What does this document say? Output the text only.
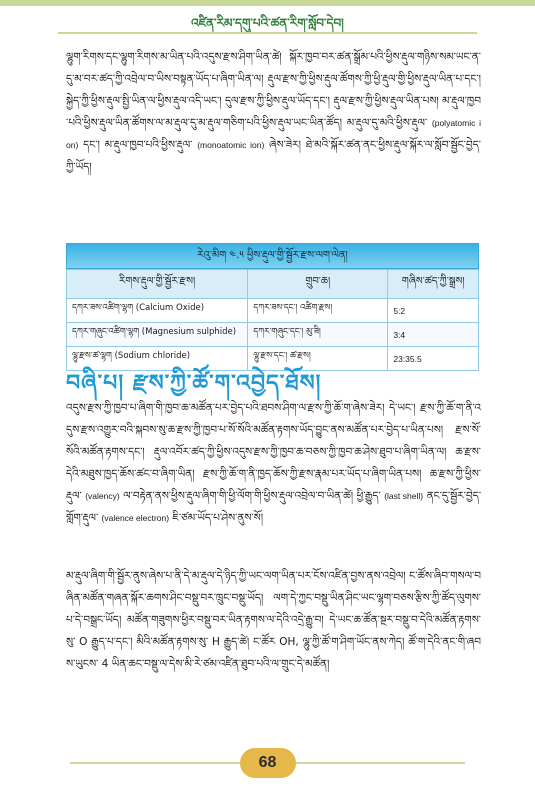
འཛིན་རིམ་དགུ་པའི་ཚན་རིག་སློབ་དེབ།
ལྷུག་རིགས་དང་ལྷུག་རིགས་མ་ཡིན་པའི་འདུས་རྫས་ཤིག་ཡིན་ཚེ། སྐོར་ཁྱབ་བར་ཚན་སྒྲོམ་པའི་ཕྱིས་རྡུལ་གཉིས་སམ་ཡང་ན་དུ་མ་བར་ཚད་ཀྱི་འབྲེལ་བ་ཡིས་བསྟན་ཡོད་པ་ཞིག་ཡིན་ལ། རྡུལ་རྫས་ཀྱི་ཕྱིས་རྡུལ་ཚོགས་ཀྱི་ཕྱི་རྡུལ་གྱི་ཕྱིས་རྡུལ་ཡིན་པ་དང་། སྐྱེད་ཀྱི་ཕྱིས་རྡུལ་སྤྱི་ཡིན་ལ་ཕྱིས་རྡུལ་འདི་ཡང་། དུལ་རྫས་ཀྱི་ཕྱིས་རྡུལ་ཡོད་དང་། རྡུལ་རྫས་ཀྱི་ཕྱིས་རྡུལ་ཡིན་པས། མ་རྡུལ་ཁྱབ་པའི་ཕྱིས་རྡུལ་ཡིན་ཚོགས་ལ་མ་རྡུལ་དུ་མ་རྡུལ་གཅིག་པའི་ཕྱིས་རྡུལ་ཡང་ཡིན་ཚོད། མ་རྡུལ་དུ་མའི་ཕྱིས་རྡུལ་ (polyatomic ion) དང་། མ་རྡུལ་ཁྱབ་པའི་ཕྱིས་རྡུལ་ (monoatomic ion) ཞེས་ཟེར། ཐེ་མའི་སྐོར་ཚན་ནང་ཕྱིས་རྡུལ་སྐོར་ལ་སློབ་སྦྱོང་བྱེད་ཀྱི་ཡོད།
རེའུ་མིག ༤.༥ ཕྱིས་རྡུལ་གྱི་སྦྱོར་རྫས་ལག་ལེན།
རིགས་རྡུལ་གྱི་སྦྱོར་རྫས།	གྲུབ་ཆ།	གཞིས་ཚད་ཀྱི་སྒྲས།
དཀར་ཟས་འཚིག་ལྷག (Calcium Oxide)	དཀར་ཟས་དང་། འཚིག་རྫས།	5:2
དཀར་གཞུང་འཚིག་ལྷག (Magnesium sulphide)	དཀར་གཞུང་དང་། མུ་ཟི།	3:4
ལྷུ་རྫས་ཚ་ལྷག (Sodium chloride)	ལྷུ་རྫས་དང་། ཚ་རྫས།	23:35.5
བཞི་པ། རྫས་ཀྱི་ཚོ་ག་འབྱེད་ཐོས།
འདུས་རྫས་ཀྱི་ཁྱབ་པ་ཞིག་གི་ཁྱབ་ཆ་མཚོན་པར་བྱེད་པའི་ཐབས་ཤིག་ལ་རྫས་ཀྱི་ཆོ་ག་ཞེས་ཟེར། དེ་ཡང་། རྫས་ཀྱི་ཆོ་ག་ནི་འདུས་རྫས་འགྱུར་བའི་སྐབས་སུ་ཆ་རྫས་ཀྱི་ཁྱབ་པ་སོ་སོའི་མཚོན་རྟགས་ཡོད་བྱུང་ནས་མཚོན་པར་བྱེད་པ་ཡིན་པས། རྫས་སོ་སོའི་མཚོན་རྟགས་དང་། རྡུལ་འབོར་ཚད་ཀྱི་ཕྱིས་འདུས་རྫས་ཀྱི་ཁྱབ་ཆ་བཅས་ཀྱི་ཁྱབ་ཆ་ཤེས་ཐུབ་པ་ཞིག་ཡིན་ལ། ཆ་རྫས་དེའི་མཐུས་ཁྱད་ཆོས་ཚང་བ་ཞིག་ཡིན། རྫས་ཀྱི་ཆོ་ག་ནི་ཁྱད་ཆོས་ཀྱི་རྫས་རྣམ་པར་ཡོད་པ་ཞིག་ཡིན་པས། ཆ་རྫས་ཀྱི་ཕྱིས་རྡུལ་ (valency) ལ་བརྟེན་ནས་ཕྱིས་རྡུལ་ཞིག་གི་ཕྱི་ལོག་གི་ཕྱིས་རྡུལ་འབྲེལ་བ་ཡིན་ཚེ། ཕྱི་རྒྱུད་ (last shell) ནང་དུ་སྦྱོར་བྱེད་གློག་རྡུལ་ (valence electron) ཇི་ཙམ་ཡོད་པ་ཤེས་ནུས་སོ།
མ་རྡུལ་ཞིག་གི་སྦྱོར་ནུས་ཞེས་པ་ནི་དེ་མ་རྡུལ་དེ་ཉིད་ཀྱི་ཡང་ལག་ཡིན་པར་ངོས་འཛིན་བྱས་ནས་འབྲེལ། ང་ཚོས་ཞིབ་གསལ་བཞིན་མཚོན་གཞན་སྐོར་ཆགས་ཤིང་བསྡུ་བར་ཁྲུང་བསྡུ་ཡོད། ལག་དེ་ཀྱང་བསྡུ་ཡིན་ཤིང་ཡང་ལྷག་བཅས་རྩིས་ཀྱི་ཚོད་ལུགས་པ་དེ་བསྒྲང་ཡོད། མཚོན་གཟུགས་ཕྱིར་བསྡུ་བར་ཡིན་རྟགས་ལ་དེའི་འདྲེ་རྒྱུ་བ། དེ་ཡང་ཆ་ཚོན་སྔར་བསྡུ་བ་དེའི་མཚོན་རྟགས་སུ་ O རྒྱུད་པ་དང་། མིའི་མཚོན་རྟགས་སུ་ H རྒྱུད་ཚེ། ང་ཚོར OH, ལྷུ་ཀྱི་ཚོ་ག་ཤིག་ཡོང་ནས་ཀེད། ཚོ་ག་དེའི་ནང་གི་ཞབས་ཡུངས་ 4 ཡིན་ཆང་བསྡུ་ལ་དེས་མི་རེ་ཙམ་འཛིན་ཐུབ་པའི་ལ་གྲུང་དེ་མཚོན།
68
